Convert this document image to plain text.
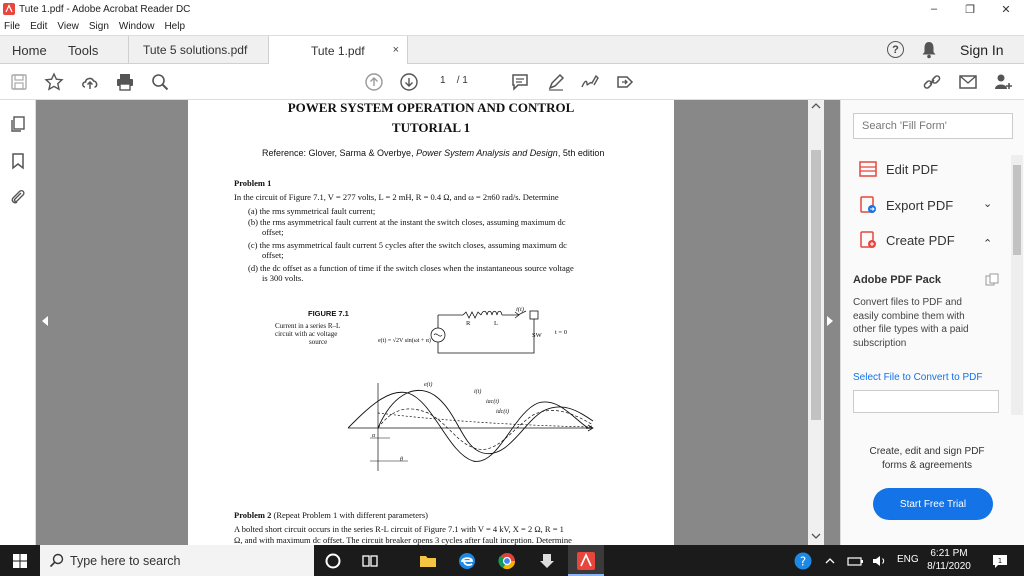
Tute 1.pdf - Adobe Acrobat Reader DC	–	❐	✕
File Edit View Sign Window Help
Home Tools	Tute 5 solutions.pdf	Tute 1.pdf	×	?	Sign In
1 / 1
POWER SYSTEM OPERATION AND CONTROL
TUTORIAL 1
Reference: Glover, Sarma & Overbye, Power System Analysis and Design, 5th edition
Problem 1
In the circuit of Figure 7.1, V = 277 volts, L = 2 mH, R = 0.4 Ω, and ω = 2π60 rad/s. Determine
(a) the rms symmetrical fault current;
(b) the rms asymmetrical fault current at the instant the switch closes, assuming maximum dc
offset;
(c) the rms asymmetrical fault current 5 cycles after the switch closes, assuming maximum dc
offset;
(d) the dc offset as a function of time if the switch closes when the instantaneous source voltage
is 300 volts.
FIGURE 7.1
Current in a series R–L
circuit with ac voltage
source
R	L
i(t)
SW t = 0
e(t) = √2V sin(ωt + α)
e(t)
i(t)
iac(t)
idc(t)
ωt
α
θ
Problem 2 (Repeat Problem 1 with different parameters)
A bolted short circuit occurs in the series R-L circuit of Figure 7.1 with V = 4 kV, X = 2 Ω, R = 1
Ω, and with maximum dc offset. The circuit breaker opens 3 cycles after fault inception. Determine
Search 'Fill Form'
Edit PDF
Export PDF	⌄
Create PDF	⌃
Adobe PDF Pack
Convert files to PDF and easily combine them with other file types with a paid subscription
Select File to Convert to PDF
Create, edit and sign PDF
forms & agreements
Start Free Trial
Type here to search	?	ENG
6:21 PM
8/11/2020	1
